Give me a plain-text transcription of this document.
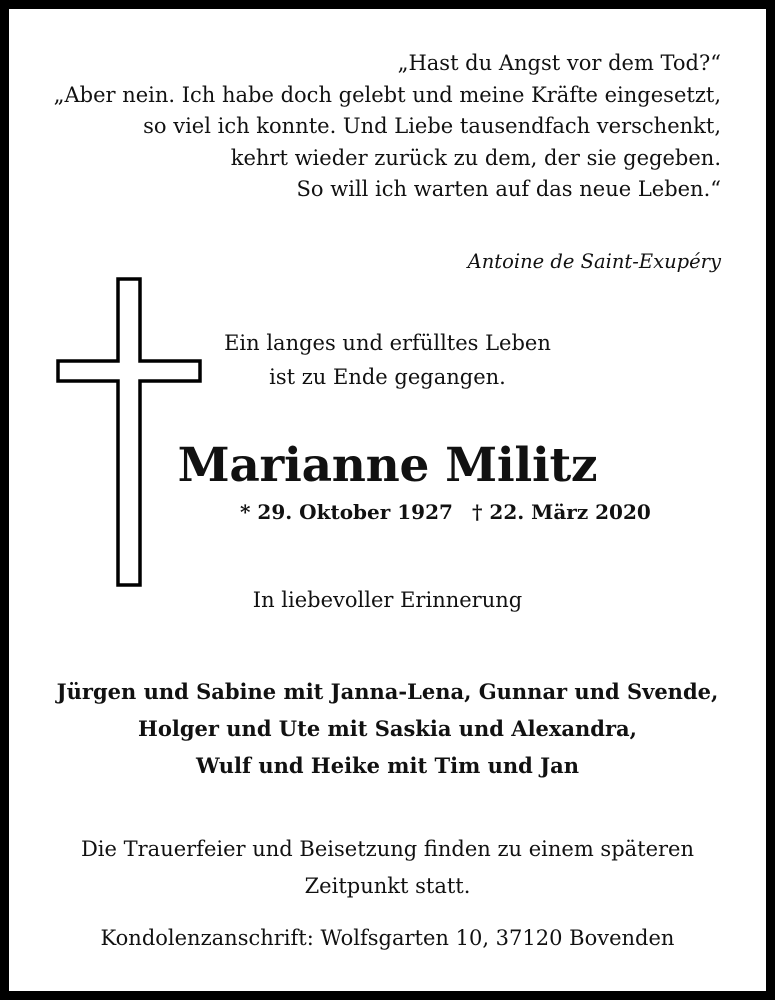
„Hast du Angst vor dem Tod?“
„Aber nein. Ich habe doch gelebt und meine Kräfte eingesetzt,
so viel ich konnte. Und Liebe tausendfach verschenkt,
kehrt wieder zurück zu dem, der sie gegeben.
So will ich warten auf das neue Leben.“
Antoine de Saint-Exupéry
Ein langes und erfülltes Leben
ist zu Ende gegangen.
Marianne Militz
* 29. Oktober 1927 † 22. März 2020
In liebevoller Erinnerung
Jürgen und Sabine mit Janna-Lena, Gunnar und Svende,
Holger und Ute mit Saskia und Alexandra,
Wulf und Heike mit Tim und Jan
Die Trauerfeier und Beisetzung finden zu einem späteren
Zeitpunkt statt.
Kondolenzanschrift: Wolfsgarten 10, 37120 Bovenden
